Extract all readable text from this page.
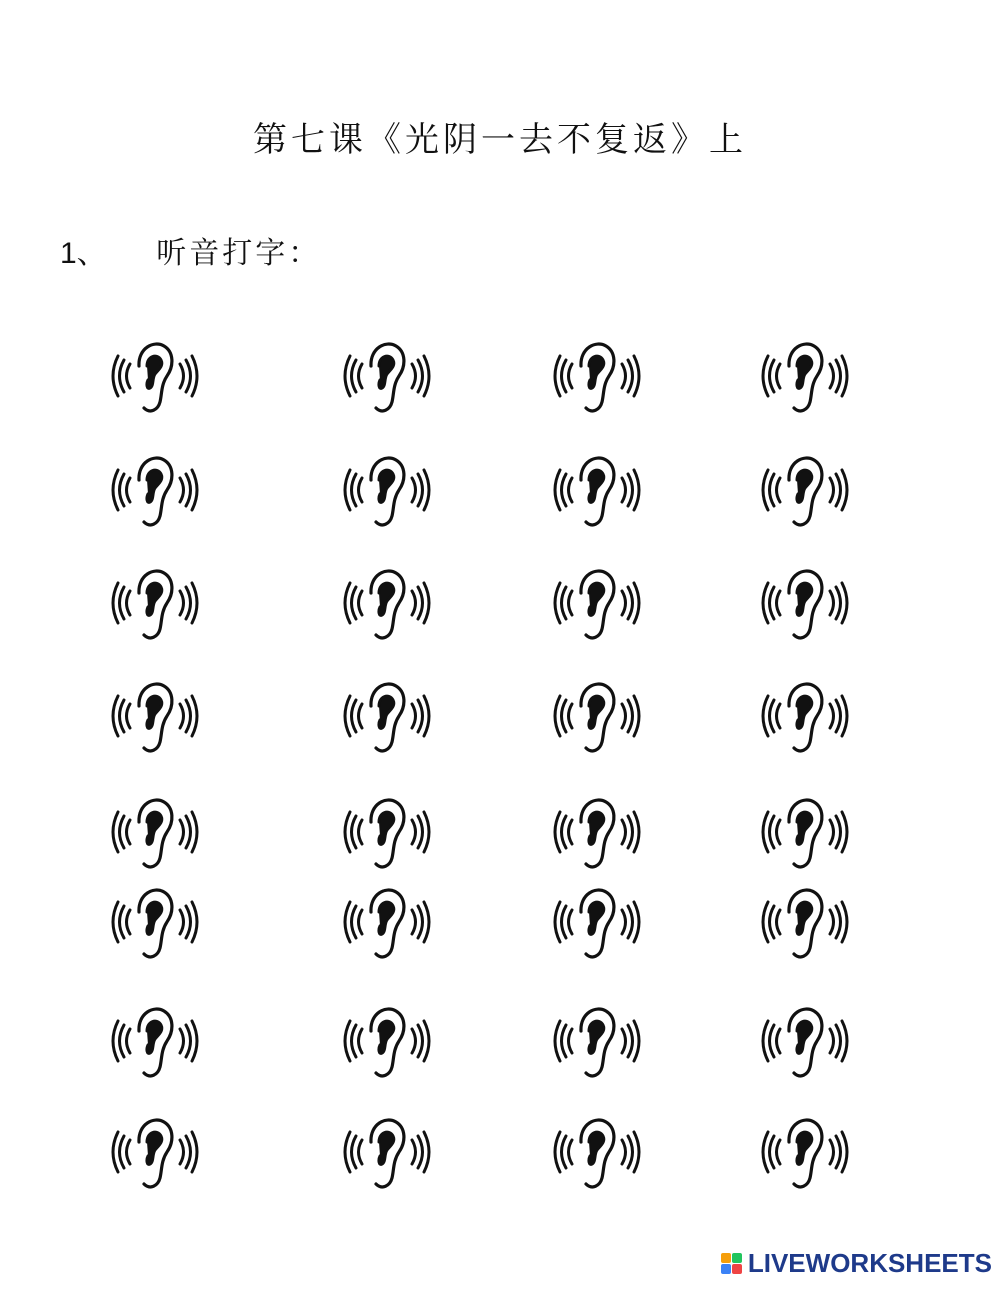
第七课《光阴一去不复返》上
1、 听音打字：
LIVEWORKSHEETS
